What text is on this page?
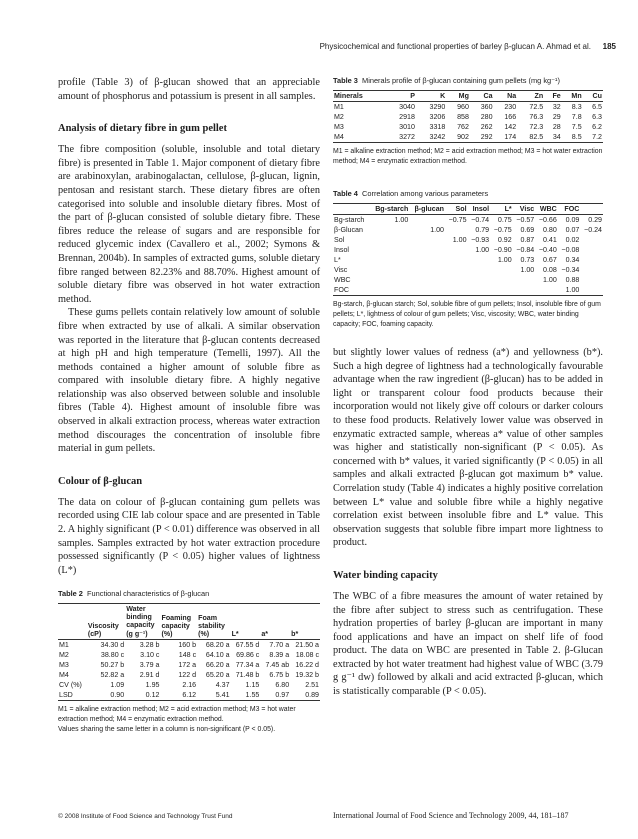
Physicochemical and functional properties of barley β-glucan A. Ahmad et al. 185

profile (Table 3) of β-glucan showed that an appreciable amount of phosphorus and potassium is present in all samples.

Analysis of dietary fibre in gum pellet

The fibre composition (soluble, insoluble and total dietary fibre) is presented in Table 1. Major component of dietary fibre are arabinoxylan, arabinogalactan, cellulose, β-glucan, lignin, pentosan and resistant starch. These dietary fibres are often categorised into soluble and insoluble dietary fibres. Most of the part of β-glucan consisted of soluble dietary fibre. These fibres reduce the release of sugars and are responsible for reduced glycemic index (Cavallero et al., 2002; Symons & Brennan, 2004b). In samples of extracted gums, soluble dietary fibre ranged between 82.23% and 88.70%. Highest amount of soluble dietary fibre was observed in hot water extraction method.

These gums pellets contain relatively low amount of soluble fibre when extracted by use of alkali. A similar observation was reported in the literature that β-glucan contents decreased at high pH and high temperature (Temelli, 1997). All the methods contained a higher amount of soluble fibre as compared with insoluble dietary fibre. A highly negative relationship was also observed between soluble and insoluble fibres (Table 4). Highest amount of insoluble fibre was observed in alkali extraction process, whereas water extraction method discourages the concentration of insoluble fibre material in gum pellets.

Colour of β-glucan

The data on colour of β-glucan containing gum pellets was recorded using CIE lab colour space and are presented in Table 2. A highly significant (P < 0.01) difference was observed in all samples. Samples extracted by hot water extraction procedure possessed significantly (P < 0.05) higher values of lightness (L*)

Table 2 Functional characteristics of β-glucan

Viscosity
(cP)	Water
binding
capacity
(g g⁻¹)	Foaming
capacity
(%)	Foam
stability
(%)	L*	a*	b*
M1	34.30 d	3.28 b	160 b	68.20 a	67.55 d	7.70 a	21.50 a
M2	38.80 c	3.10 c	148 c	64.10 a	69.86 c	8.39 a	18.08 c
M3	50.27 b	3.79 a	172 a	66.20 a	77.34 a	7.45 ab	16.22 d
M4	52.82 a	2.91 d	122 d	65.20 a	71.48 b	6.75 b	19.32 b
CV (%)	1.09	1.95	2.16	4.37	1.15	6.80	2.51
LSD	0.90	0.12	6.12	5.41	1.55	0.97	0.89

M1 = alkaline extraction method; M2 = acid extraction method; M3 = hot water extraction method; M4 = enzymatic extraction method.

Values sharing the same letter in a column is non-significant (P < 0.05).

Table 3 Minerals profile of β-glucan containing gum pellets (mg kg⁻¹)

Minerals	P	K	Mg	Ca	Na	Zn	Fe	Mn	Cu
M1	3040	3290	960	360	230	72.5	32	8.3	6.5
M2	2918	3206	858	280	166	76.3	29	7.8	6.3
M3	3010	3318	762	262	142	72.3	28	7.5	6.2
M4	3272	3242	902	292	174	82.5	34	8.5	7.2

M1 = alkaline extraction method; M2 = acid extraction method; M3 = hot water extraction method; M4 = enzymatic extraction method.

Table 4 Correlation among various parameters

	Bg-starch	β-glucan	Sol	Insol	L*	Visc	WBC	FOC	
Bg-starch	1.00		−0.75	−0.74	0.75	−0.57	−0.66	0.09	0.29
β-Glucan		1.00		0.79	−0.75	0.69	0.80	0.07	−0.24
Sol			1.00	−0.93	0.92	0.87	0.41	0.02	
Insol				1.00	−0.90	−0.84	−0.40	−0.08	
L*					1.00	0.73	0.67	0.34	
Visc						1.00	0.08	−0.34	
WBC							1.00	0.88	
FOC								1.00	

Bg-starch, β-glucan starch; Sol, soluble fibre of gum pellets; Insol, insoluble fibre of gum pellets; L*, lightness of colour of gum pellets; Visc, viscosity; WBC, water binding capacity; FOC, foaming capacity.

but slightly lower values of redness (a*) and yellowness (b*). Such a high degree of lightness had a technologically favourable advantage when the raw ingredient (β-glucan) has to be added in light or transparent colour food products because their incorporation would not likely give off colours or darker colours to these food products. Relatively lower value was observed in enzymatic extracted sample, whereas a* value of other samples was higher and statistically non-significant (P < 0.05). As concerned with b* values, it varied significantly (P < 0.05) in all samples and alkali extracted β-glucan got maximum b* value. Correlation study (Table 4) indicates a highly positive correlation between L* value and soluble fibre while a highly negative correlation exist between insoluble fibre and L* value. This observation suggests that soluble fibre impart more lightness to product.

Water binding capacity

The WBC of a fibre measures the amount of water retained by the fibre after subject to stress such as centrifugation. These hydration properties of barley β-glucan are important in many food applications and have an impact on shelf life of food product. The data on WBC are presented in Table 2. β-Glucan extracted by hot water treatment had highest value of WBC (3.79 g g⁻¹ dw) followed by alkali and acid extracted β-glucan, which is statistically comparable (P < 0.05).

© 2008 Institute of Food Science and Technology Trust Fund	International Journal of Food Science and Technology 2009, 44, 181–187
